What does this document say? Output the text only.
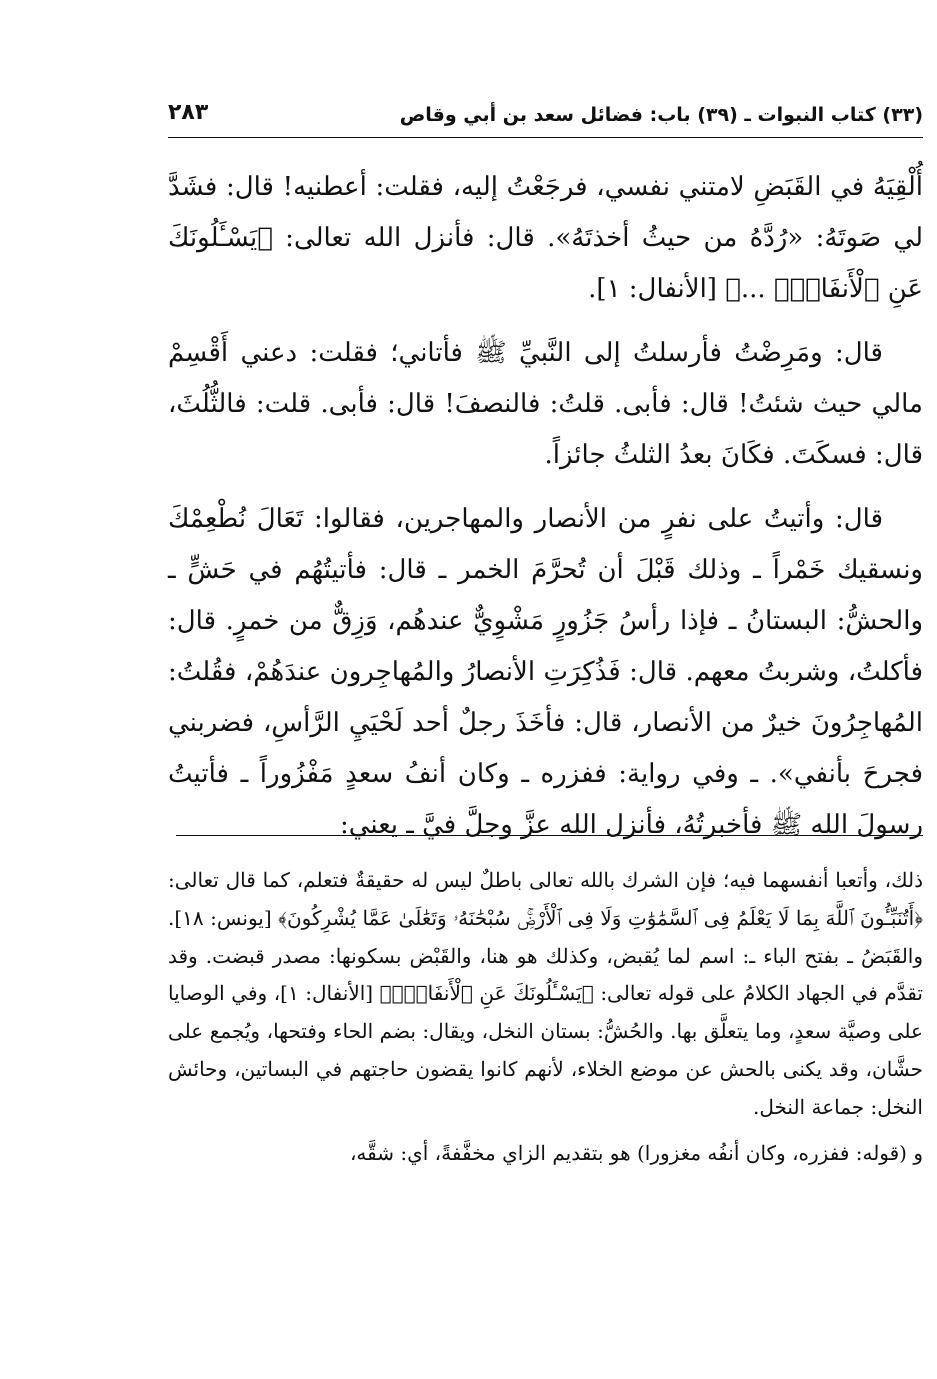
(٣٣) كتاب النبوات ـ (٣٩) باب: فضائل سعد بن أبي وقاص
٢٨٣

أُلْقِيَهُ في القَبَضِ لامتني نفسي، فرجَعْتُ إليه، فقلت: أعطنيه! قال: فشَدَّ لي صَوتَهُ: «رُدَّهُ من حيثُ أخذتَهُ». قال: فأنزل الله تعالى: ﴿يَسْـَٔلُونَكَ عَنِ ٱلْأَنفَالِۖ ...﴾ [الأنفال: ١].

قال: ومَرِضْتُ فأرسلتُ إلى النَّبيِّ ﷺ فأتاني؛ فقلت: دعني أَقْسِمْ مالي حيث شئتُ! قال: فأبى. قلتُ: فالنصفَ! قال: فأبى. قلت: فالثُّلُثَ، قال: فسكَتَ. فكَانَ بعدُ الثلثُ جائزاً.

قال: وأتيتُ على نفرٍ من الأنصار والمهاجرين، فقالوا: تَعَالَ نُطْعِمْكَ ونسقيك خَمْراً ـ وذلك قَبْلَ أن تُحرَّمَ الخمر ـ قال: فأتيتُهُم في حَشٍّ ـ والحشُّ: البستانُ ـ فإذا رأسُ جَزُورٍ مَشْوِيٌّ عندهُم، وَزِقٌّ من خمرٍ. قال: فأكلتُ، وشربتُ معهم. قال: فَذُكِرَتِ الأنصارُ والمُهاجِرون عندَهُمْ، فقُلتُ: المُهاجِرُونَ خيرٌ من الأنصار، قال: فأخَذَ رجلٌ أحد لَحْيَيِ الرَّأسِ، فضربني فجرحَ بأنفي». ـ وفي رواية: ففزره ـ وكان أنفُ سعدٍ مَفْزُوراً ـ فأتيتُ رسولَ الله ﷺ فأخبرتُهُ، فأنزل الله عزَّ وجلَّ فيَّ ـ يعني:

ذلك، وأتعبا أنفسهما فيه؛ فإن الشرك بالله تعالى باطلٌ ليس له حقيقةٌ فتعلم، كما قال تعالى: ﴿أَتُنَبِّـُٔونَ ٱللَّهَ بِمَا لَا يَعْلَمُ فِى ٱلسَّمَٰوَٰتِ وَلَا فِى ٱلْأَرْضِۚ سُبْحَٰنَهُۥ وَتَعَٰلَىٰ عَمَّا يُشْرِكُونَ﴾ [يونس: ١٨]. والقَبَضُ ـ بفتح الباء ـ: اسم لما يُقبض، وكذلك هو هنا، والقَبْض بسكونها: مصدر قبضت. وقد تقدَّم في الجهاد الكلامُ على قوله تعالى: ﴿يَسْـَٔلُونَكَ عَنِ ٱلْأَنفَالِۖ﴾ [الأنفال: ١]، وفي الوصايا على وصيَّة سعدٍ، وما يتعلَّق بها. والحُشُّ: بستان النخل، ويقال: بضم الحاء وفتحها، ويُجمع على حشَّان، وقد يكنى بالحش عن موضع الخلاء، لأنهم كانوا يقضون حاجتهم في البساتين، وحائش النخل: جماعة النخل.

و (قوله: ففزره، وكان أنفُه مغزورا) هو بتقديم الزاي مخفَّفةً، أي: شقَّه،
